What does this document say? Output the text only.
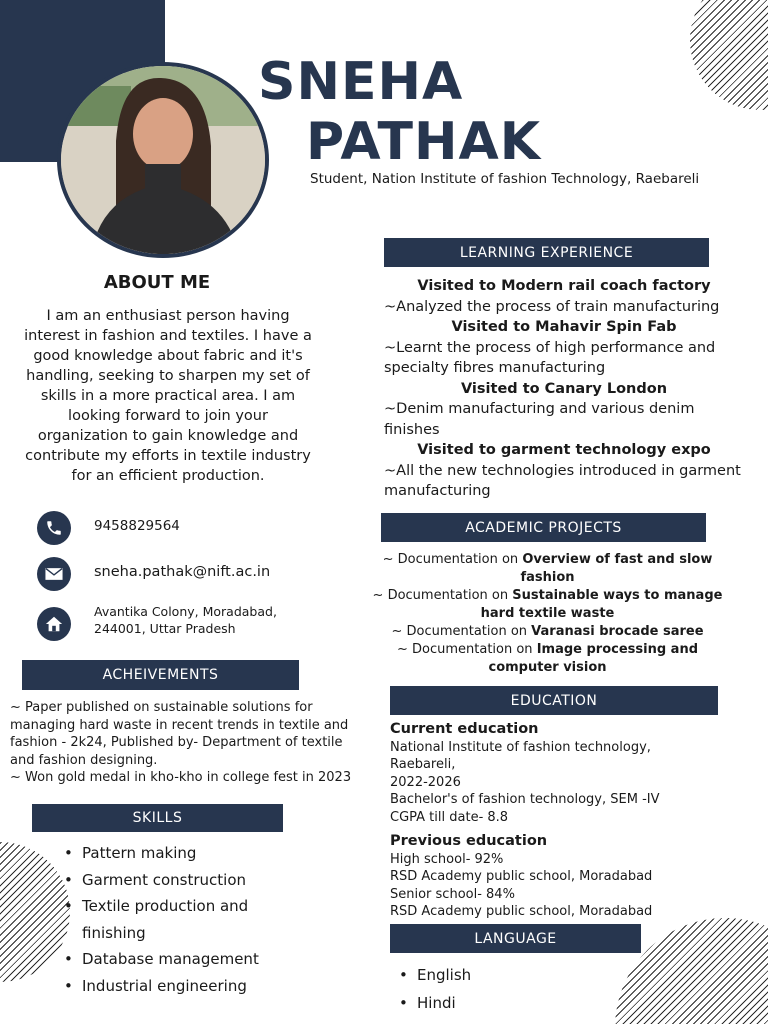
SNEHA
PATHAK
Student, Nation Institute of fashion Technology, Raebareli
ABOUT ME
I am an enthusiast person having interest in fashion and textiles. I have a good knowledge about fabric and it's handling, seeking to sharpen my set of skills in a more practical area. I am looking forward to join your organization to gain knowledge and contribute my efforts in textile industry for an efficient production.
9458829564
sneha.pathak@nift.ac.in
Avantika Colony, Moradabad,
244001, Uttar Pradesh
ACHEIVEMENTS
~ Paper published on sustainable solutions for managing hard waste in recent trends in textile and fashion - 2k24, Published by- Department of textile and fashion designing.
~ Won gold medal in kho-kho in college fest in 2023
SKILLS
• Pattern making
• Garment construction
• Textile production and finishing
• Database management
• Industrial engineering
LEARNING EXPERIENCE
Visited to Modern rail coach factory
~Analyzed the process of train manufacturing
Visited to Mahavir Spin Fab
~Learnt the process of high performance and specialty fibres manufacturing
Visited to Canary London
~Denim manufacturing and various denim finishes
Visited to garment technology expo
~All the new technologies introduced in garment manufacturing
ACADEMIC PROJECTS
~ Documentation on Overview of fast and slow fashion
~ Documentation on Sustainable ways to manage hard textile waste
~ Documentation on Varanasi brocade saree
~ Documentation on Image processing and computer vision
EDUCATION
Current education
National Institute of fashion technology,
Raebareli,
2022-2026
Bachelor's of fashion technology, SEM -IV
CGPA till date- 8.8
Previous education
High school- 92%
RSD Academy public school, Moradabad
Senior school- 84%
RSD Academy public school, Moradabad
LANGUAGE
• English
• Hindi
